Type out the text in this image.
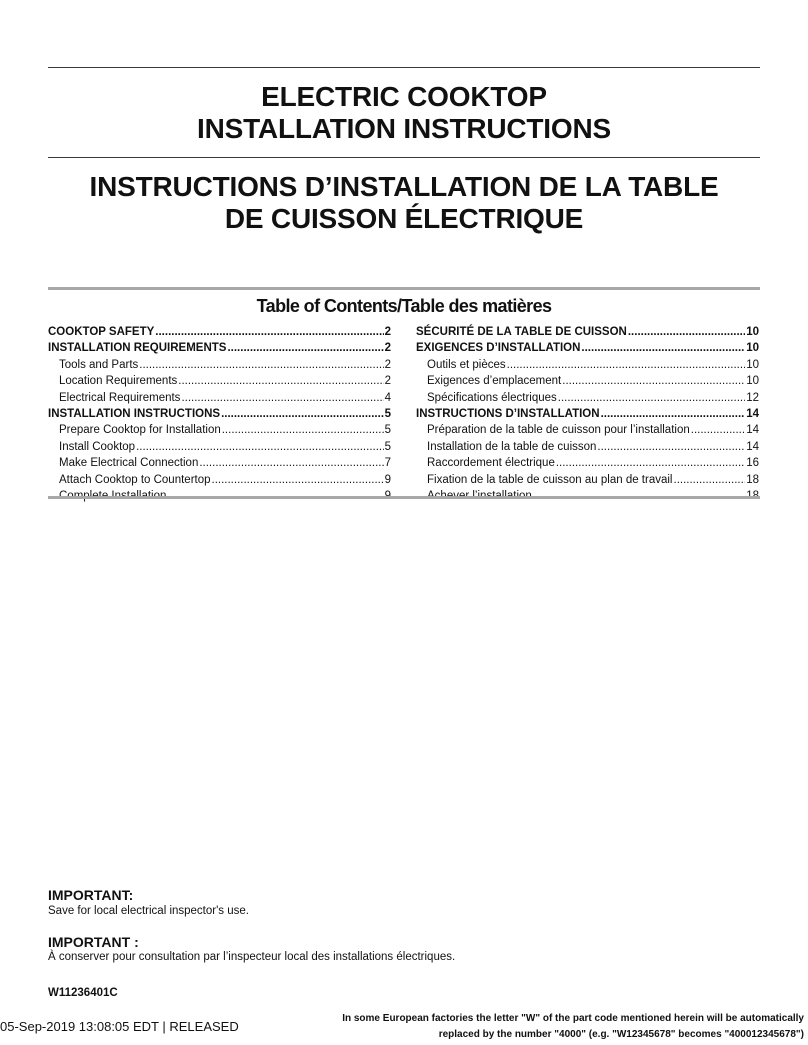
ELECTRIC COOKTOP
INSTALLATION INSTRUCTIONS
INSTRUCTIONS D’INSTALLATION DE LA TABLE
DE CUISSON ÉLECTRIQUE
Table of Contents/Table des matières
COOKTOP SAFETY .....	2
INSTALLATION REQUIREMENTS .....	2
Tools and Parts .....	2
Location Requirements .....	2
Electrical Requirements .....	4
INSTALLATION INSTRUCTIONS .....	5
Prepare Cooktop for Installation .....	5
Install Cooktop .....	5
Make Electrical Connection .....	7
Attach Cooktop to Countertop .....	9
Complete Installation .....	9
SÉCURITÉ DE LA TABLE DE CUISSON .....	10
EXIGENCES D’INSTALLATION .....	10
Outils et pièces .....	10
Exigences d’emplacement .....	10
Spécifications électriques .....	12
INSTRUCTIONS D’INSTALLATION .....	14
Préparation de la table de cuisson pour l’installation .....	14
Installation de la table de cuisson .....	14
Raccordement électrique .....	16
Fixation de la table de cuisson au plan de travail .....	18
Achever l’installation .....	18
IMPORTANT:
Save for local electrical inspector's use.
IMPORTANT :
À conserver pour consultation par l’inspecteur local des installations électriques.
W11236401C
05-Sep-2019 13:08:05 EDT | RELEASED
In some European factories the letter "W" of the part code mentioned herein will be automatically
replaced by the number "4000" (e.g. "W12345678" becomes "400012345678")
